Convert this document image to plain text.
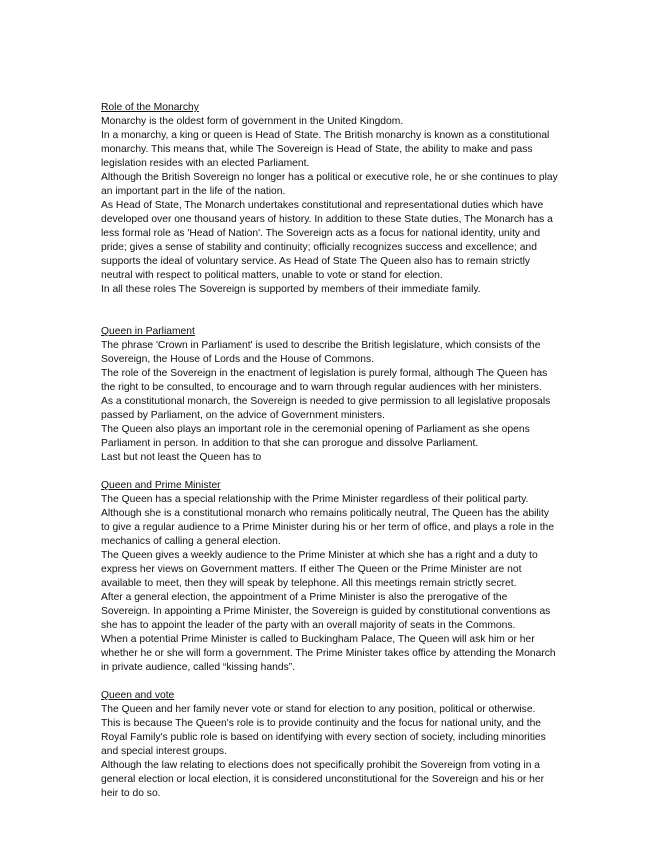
Role of the Monarchy

Monarchy is the oldest form of government in the United Kingdom.

In a monarchy, a king or queen is Head of State. The British monarchy is known as a constitutional monarchy. This means that, while The Sovereign is Head of State, the ability to make and pass legislation resides with an elected Parliament.

Although the British Sovereign no longer has a political or executive role, he or she continues to play an important part in the life of the nation.

As Head of State, The Monarch undertakes constitutional and representational duties which have developed over one thousand years of history. In addition to these State duties, The Monarch has a less formal role as 'Head of Nation'. The Sovereign acts as a focus for national identity, unity and pride; gives a sense of stability and continuity; officially recognizes success and excellence; and supports the ideal of voluntary service. As Head of State The Queen also has to remain strictly neutral with respect to political matters, unable to vote or stand for election.

In all these roles The Sovereign is supported by members of their immediate family.

Queen in Parliament

The phrase 'Crown in Parliament' is used to describe the British legislature, which consists of the Sovereign, the House of Lords and the House of Commons.

The role of the Sovereign in the enactment of legislation is purely formal, although The Queen has the right to be consulted, to encourage and to warn through regular audiences with her ministers.

As a constitutional monarch, the Sovereign is needed to give permission to all legislative proposals passed by Parliament, on the advice of Government ministers.

The Queen also plays an important role in the ceremonial opening of Parliament as she opens Parliament in person. In addition to that she can prorogue and dissolve Parliament.

Last but not least the Queen has to

Queen and Prime Minister

The Queen has a special relationship with the Prime Minister regardless of their political party.

Although she is a constitutional monarch who remains politically neutral, The Queen has the ability to give a regular audience to a Prime Minister during his or her term of office, and plays a role in the mechanics of calling a general election.

The Queen gives a weekly audience to the Prime Minister at which she has a right and a duty to express her views on Government matters. If either The Queen or the Prime Minister are not available to meet, then they will speak by telephone. All this meetings remain strictly secret.

After a general election, the appointment of a Prime Minister is also the prerogative of the Sovereign. In appointing a Prime Minister, the Sovereign is guided by constitutional conventions as she has to appoint the leader of the party with an overall majority of seats in the Commons.

When a potential Prime Minister is called to Buckingham Palace, The Queen will ask him or her whether he or she will form a government. The Prime Minister takes office by attending the Monarch in private audience, called “kissing hands”.

Queen and vote

The Queen and her family never vote or stand for election to any position, political or otherwise.

This is because The Queen's role is to provide continuity and the focus for national unity, and the Royal Family's public role is based on identifying with every section of society, including minorities and special interest groups.

Although the law relating to elections does not specifically prohibit the Sovereign from voting in a general election or local election, it is considered unconstitutional for the Sovereign and his or her heir to do so.
